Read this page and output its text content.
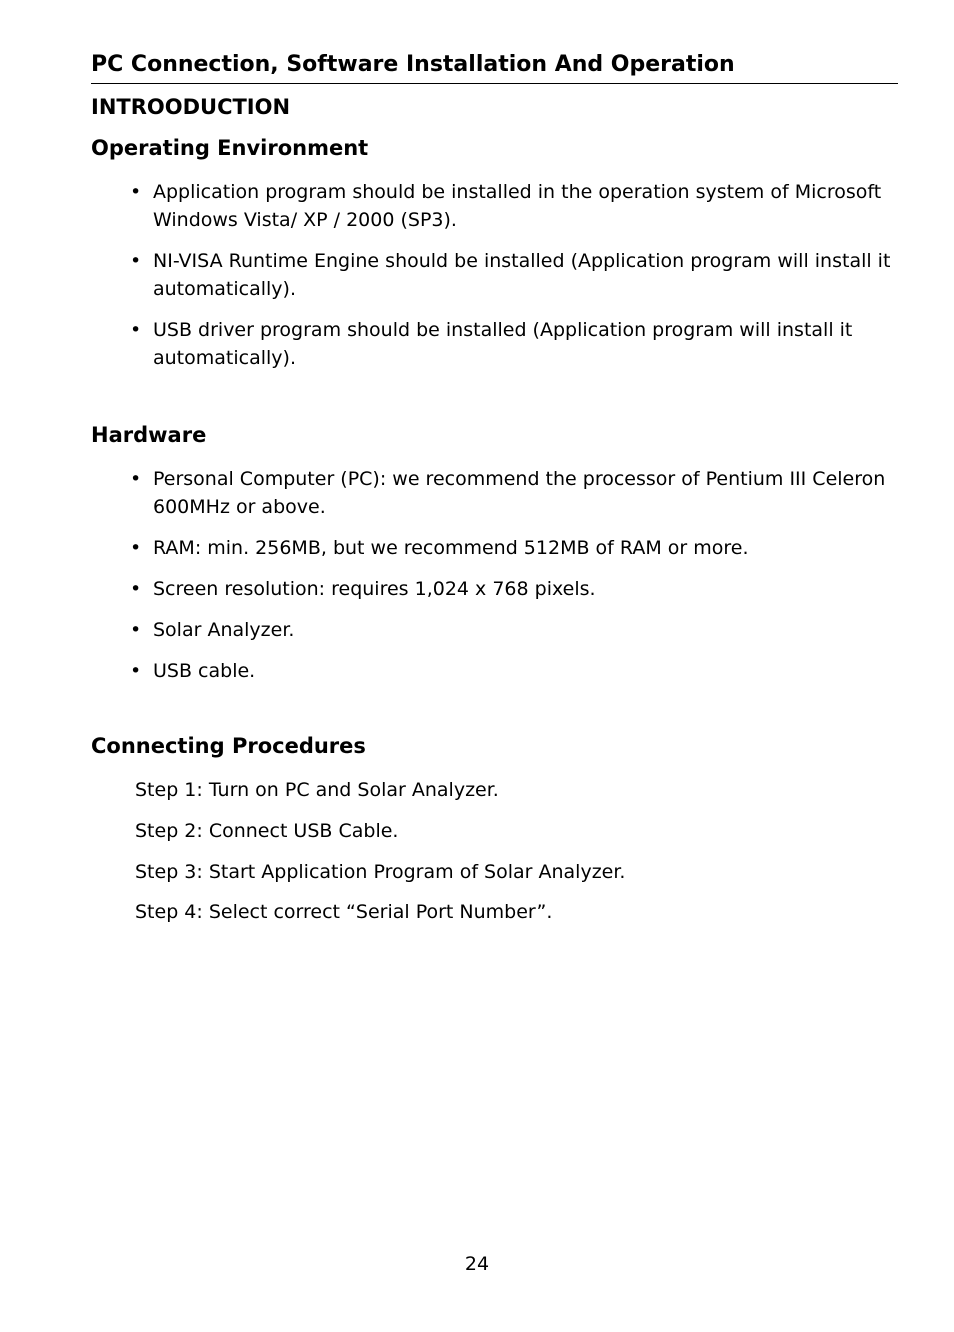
PC Connection, Software Installation And Operation
INTROODUCTION
Operating Environment
• Application program should be installed in the operation system of Microsoft Windows Vista/ XP / 2000 (SP3).
• NI-VISA Runtime Engine should be installed (Application program will install it automatically).
• USB driver program should be installed (Application program will install it automatically).
Hardware
• Personal Computer (PC): we recommend the processor of Pentium III Celeron 600MHz or above.
• RAM: min. 256MB, but we recommend 512MB of RAM or more.
• Screen resolution: requires 1,024 x 768 pixels.
• Solar Analyzer.
• USB cable.
Connecting Procedures
Step 1: Turn on PC and Solar Analyzer.
Step 2: Connect USB Cable.
Step 3: Start Application Program of Solar Analyzer.
Step 4: Select correct “Serial Port Number”.
24
